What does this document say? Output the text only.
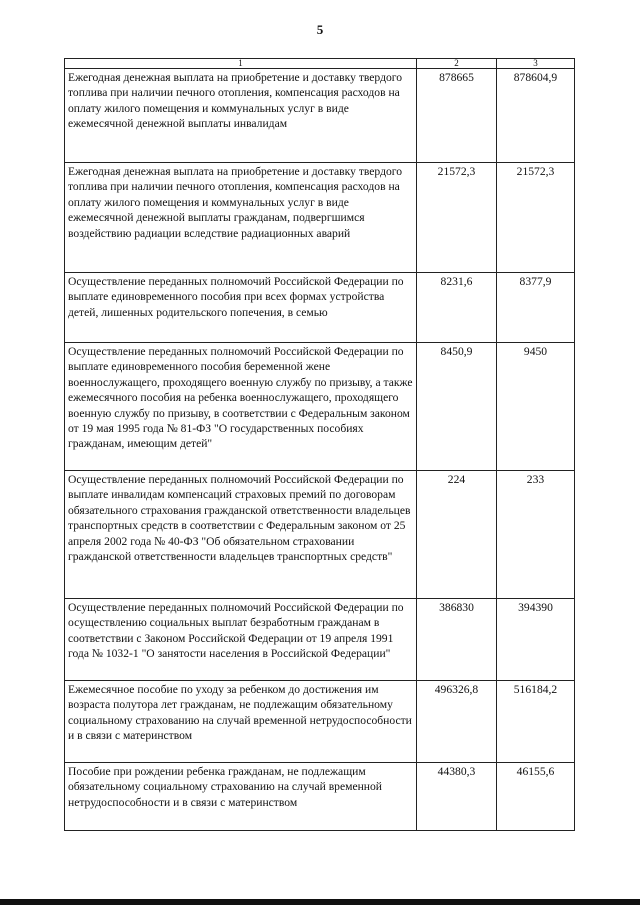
5
1	2	3
Ежегодная денежная выплата на приобретение и доставку твердого топлива при наличии печного отопления, компенсация расходов на оплату жилого помещения и коммунальных услуг в виде ежемесячной денежной выплаты инвалидам	878665	878604,9
Ежегодная денежная выплата на приобретение и доставку твердого топлива при наличии печного отопления, компенсация расходов на оплату жилого помещения и коммунальных услуг в виде ежемесячной денежной выплаты гражданам, подвергшимся воздействию радиации вследствие радиационных аварий	21572,3	21572,3
Осуществление переданных полномочий Российской Федерации по выплате единовременного пособия при всех формах устройства детей, лишенных родительского попечения, в семью	8231,6	8377,9
Осуществление переданных полномочий Российской Федерации по выплате единовременного пособия беременной жене военнослужащего, проходящего военную службу по призыву, а также ежемесячного пособия на ребенка военнослужащего, проходящего военную службу по призыву, в соответствии с Федеральным законом от 19 мая 1995 года № 81-ФЗ "О государственных пособиях гражданам, имеющим детей"	8450,9	9450
Осуществление переданных полномочий Российской Федерации по выплате инвалидам компенсаций страховых премий по договорам обязательного страхования гражданской ответственности владельцев транспортных средств в соответствии с Федеральным законом от 25 апреля 2002 года № 40-ФЗ "Об обязательном страховании гражданской ответственности владельцев транспортных средств"	224	233
Осуществление переданных полномочий Российской Федерации по осуществлению социальных выплат безработным гражданам в соответствии с Законом Российской Федерации от 19 апреля 1991 года № 1032-1 "О занятости населения в Российской Федерации"	386830	394390
Ежемесячное пособие по уходу за ребенком до достижения им возраста полутора лет гражданам, не подлежащим обязательному социальному страхованию на случай временной нетрудоспособности и в связи с материнством	496326,8	516184,2
Пособие при рождении ребенка гражданам, не подлежащим обязательному социальному страхованию на случай временной нетрудоспособности и в связи с материнством	44380,3	46155,6
